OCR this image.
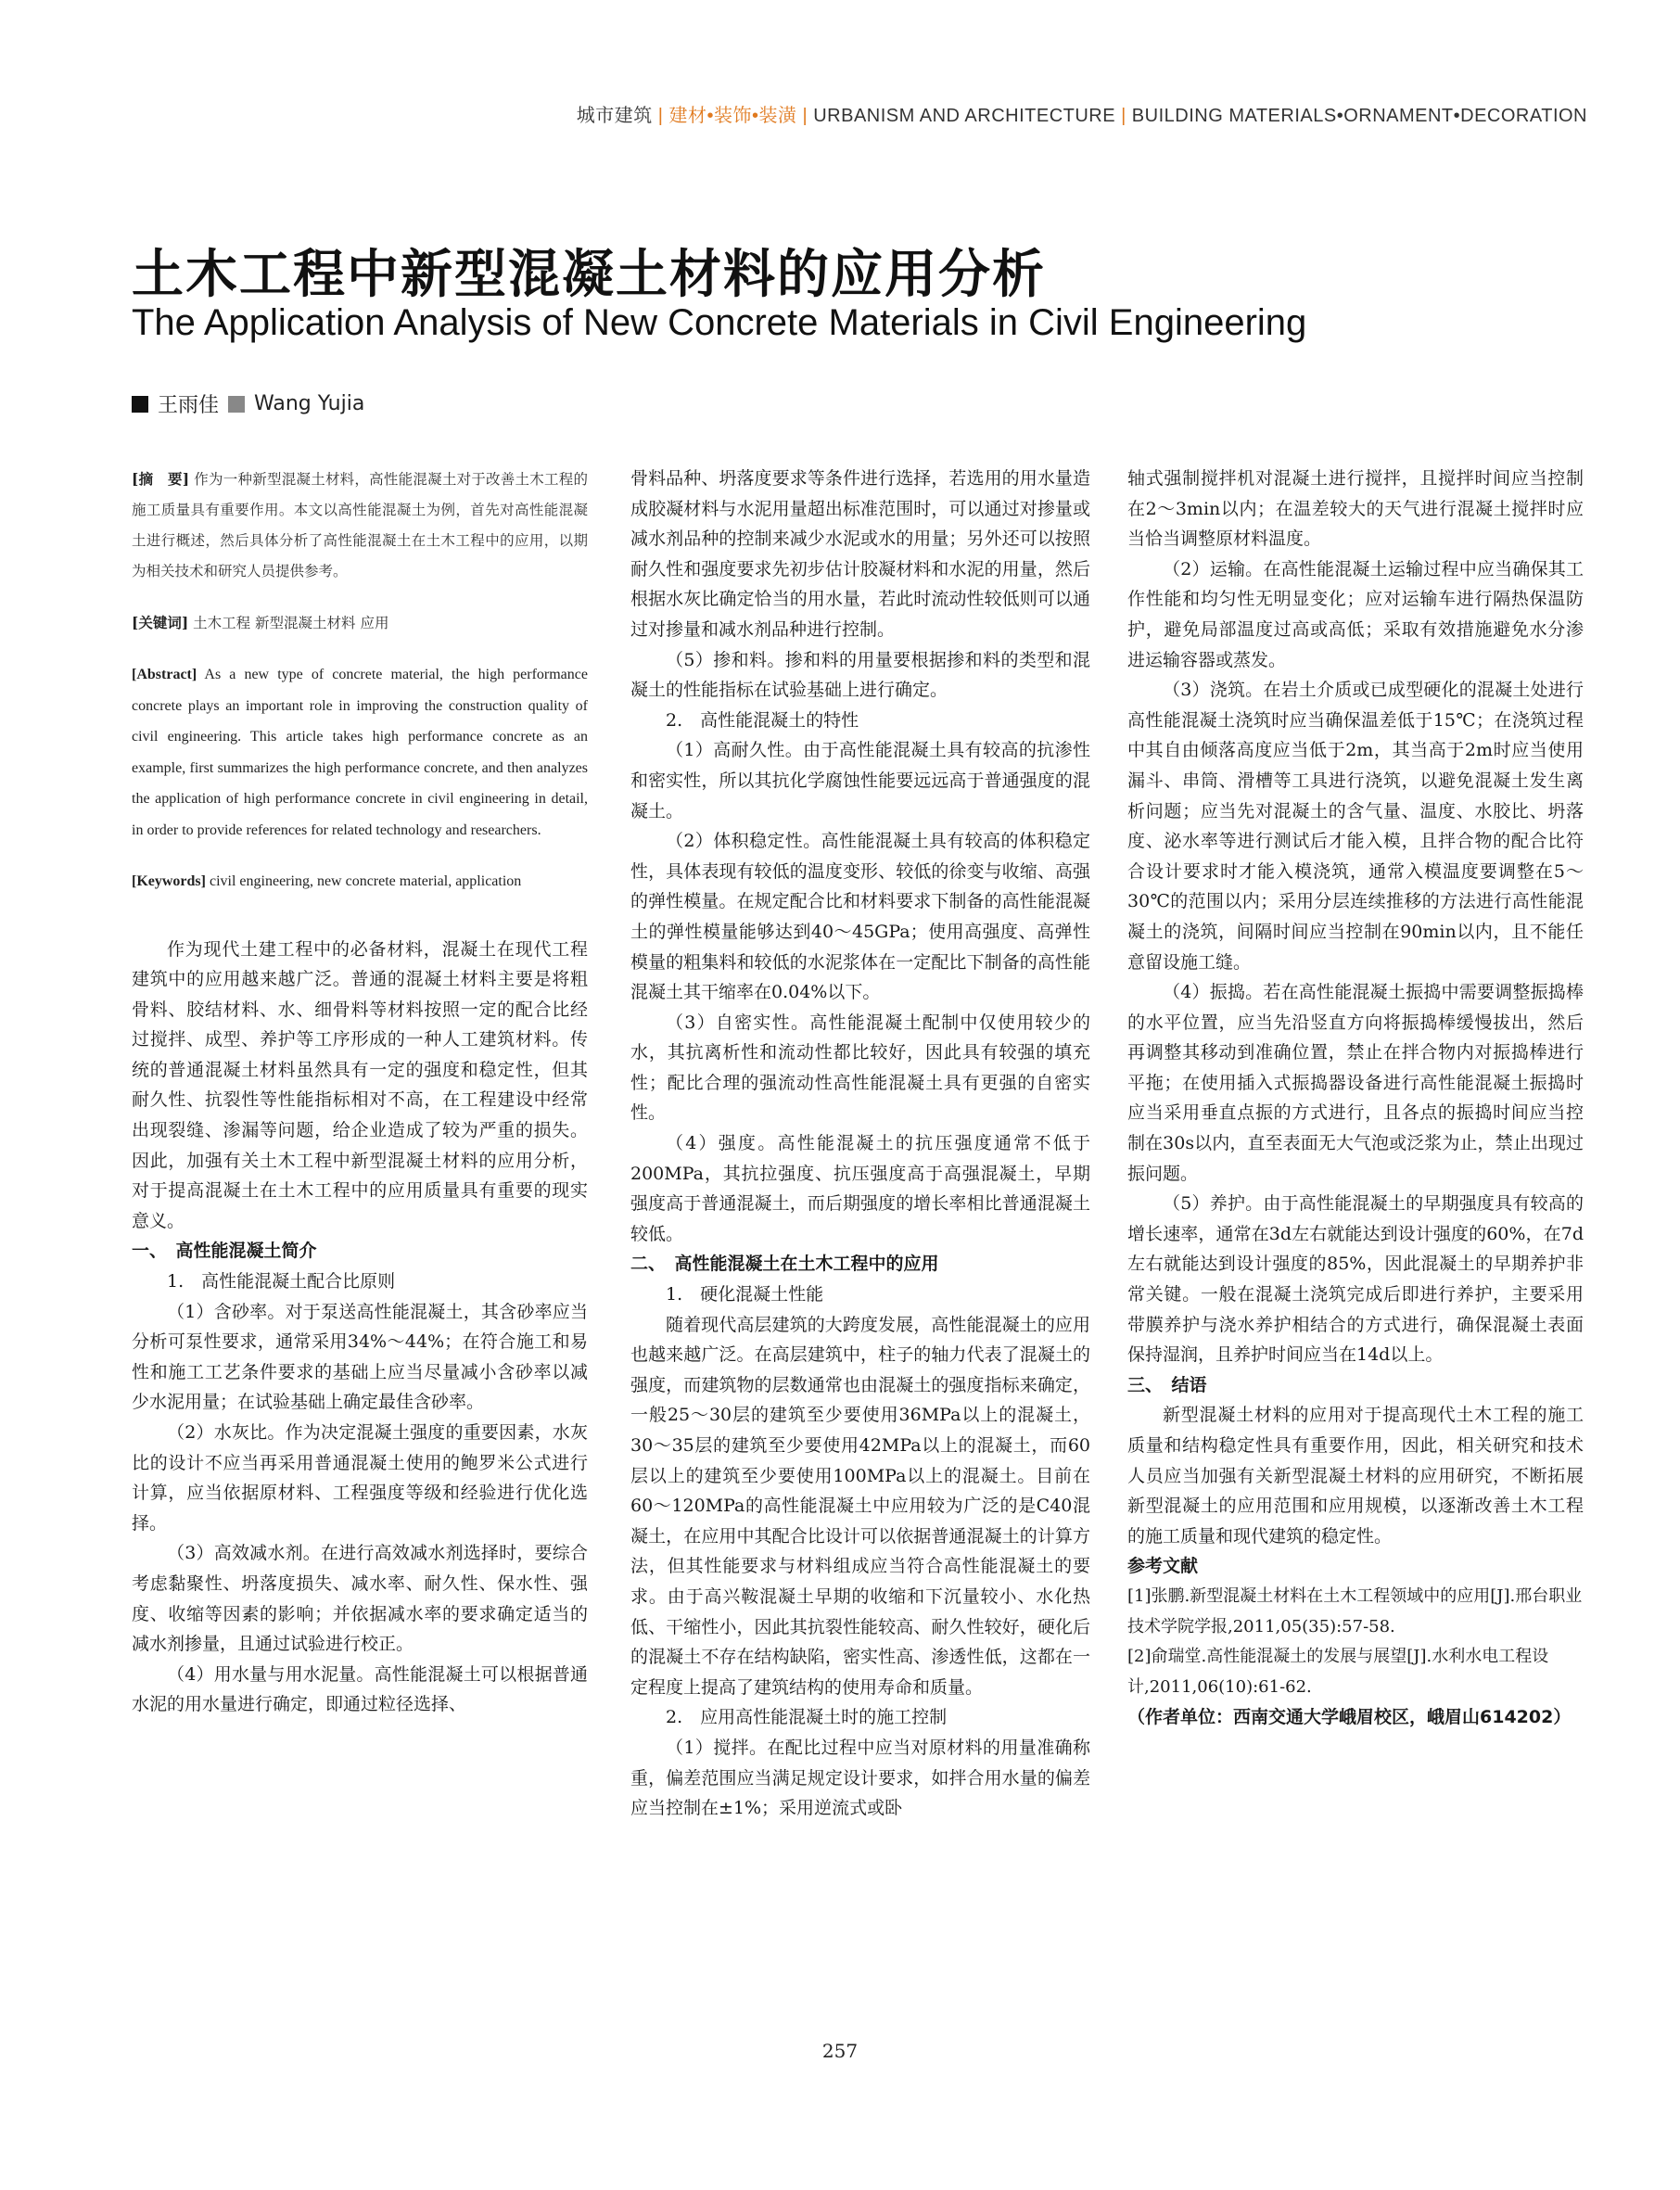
城市建筑 | 建材•装饰•装潢 | URBANISM AND ARCHITECTURE | BUILDING MATERIALS•ORNAMENT•DECORATION
土木工程中新型混凝土材料的应用分析
The Application Analysis of New Concrete Materials in Civil Engineering
王雨佳 Wang Yujia

[摘　要] 作为一种新型混凝土材料，高性能混凝土对于改善土木工程的施工质量具有重要作用。本文以高性能混凝土为例，首先对高性能混凝土进行概述，然后具体分析了高性能混凝土在土木工程中的应用，以期为相关技术和研究人员提供参考。

[关键词] 土木工程 新型混凝土材料 应用

[Abstract] As a new type of concrete material, the high performance concrete plays an important role in improving the construction quality of civil engineering. This article takes high performance concrete as an example, first summarizes the high performance concrete, and then analyzes the application of high performance concrete in civil engineering in detail, in order to provide references for related technology and researchers.

[Keywords] civil engineering, new concrete material, application

作为现代土建工程中的必备材料，混凝土在现代工程建筑中的应用越来越广泛。普通的混凝土材料主要是将粗骨料、胶结材料、水、细骨料等材料按照一定的配合比经过搅拌、成型、养护等工序形成的一种人工建筑材料。传统的普通混凝土材料虽然具有一定的强度和稳定性，但其耐久性、抗裂性等性能指标相对不高，在工程建设中经常出现裂缝、渗漏等问题，给企业造成了较为严重的损失。因此，加强有关土木工程中新型混凝土材料的应用分析，对于提高混凝土在土木工程中的应用质量具有重要的现实意义。

一、　高性能混凝土简介

1.　高性能混凝土配合比原则

（1）含砂率。对于泵送高性能混凝土，其含砂率应当分析可泵性要求，通常采用34%～44%；在符合施工和易性和施工工艺条件要求的基础上应当尽量减小含砂率以减少水泥用量；在试验基础上确定最佳含砂率。

（2）水灰比。作为决定混凝土强度的重要因素，水灰比的设计不应当再采用普通混凝土使用的鲍罗米公式进行计算，应当依据原材料、工程强度等级和经验进行优化选择。

（3）高效减水剂。在进行高效减水剂选择时，要综合考虑黏聚性、坍落度损失、减水率、耐久性、保水性、强度、收缩等因素的影响；并依据减水率的要求确定适当的减水剂掺量，且通过试验进行校正。

（4）用水量与用水泥量。高性能混凝土可以根据普通水泥的用水量进行确定，即通过粒径选择、

骨料品种、坍落度要求等条件进行选择，若选用的用水量造成胶凝材料与水泥用量超出标准范围时，可以通过对掺量或减水剂品种的控制来减少水泥或水的用量；另外还可以按照耐久性和强度要求先初步估计胶凝材料和水泥的用量，然后根据水灰比确定恰当的用水量，若此时流动性较低则可以通过对掺量和减水剂品种进行控制。

（5）掺和料。掺和料的用量要根据掺和料的类型和混凝土的性能指标在试验基础上进行确定。

2.　高性能混凝土的特性

（1）高耐久性。由于高性能混凝土具有较高的抗渗性和密实性，所以其抗化学腐蚀性能要远远高于普通强度的混凝土。

（2）体积稳定性。高性能混凝土具有较高的体积稳定性，具体表现有较低的温度变形、较低的徐变与收缩、高强的弹性模量。在规定配合比和材料要求下制备的高性能混凝土的弹性模量能够达到40～45GPa；使用高强度、高弹性模量的粗集料和较低的水泥浆体在一定配比下制备的高性能混凝土其干缩率在0.04%以下。

（3）自密实性。高性能混凝土配制中仅使用较少的水，其抗离析性和流动性都比较好，因此具有较强的填充性；配比合理的强流动性高性能混凝土具有更强的自密实性。

（4）强度。高性能混凝土的抗压强度通常不低于200MPa，其抗拉强度、抗压强度高于高强混凝土，早期强度高于普通混凝土，而后期强度的增长率相比普通混凝土较低。

二、　高性能混凝土在土木工程中的应用

1.　硬化混凝土性能

随着现代高层建筑的大跨度发展，高性能混凝土的应用也越来越广泛。在高层建筑中，柱子的轴力代表了混凝土的强度，而建筑物的层数通常也由混凝土的强度指标来确定，一般25～30层的建筑至少要使用36MPa以上的混凝土，30～35层的建筑至少要使用42MPa以上的混凝土，而60层以上的建筑至少要使用100MPa以上的混凝土。目前在60～120MPa的高性能混凝土中应用较为广泛的是C40混凝土，在应用中其配合比设计可以依据普通混凝土的计算方法，但其性能要求与材料组成应当符合高性能混凝土的要求。由于高兴鞍混凝土早期的收缩和下沉量较小、水化热低、干缩性小，因此其抗裂性能较高、耐久性较好，硬化后的混凝土不存在结构缺陷，密实性高、渗透性低，这都在一定程度上提高了建筑结构的使用寿命和质量。

2.　应用高性能混凝土时的施工控制

（1）搅拌。在配比过程中应当对原材料的用量准确称重，偏差范围应当满足规定设计要求，如拌合用水量的偏差应当控制在±1%；采用逆流式或卧

轴式强制搅拌机对混凝土进行搅拌，且搅拌时间应当控制在2～3min以内；在温差较大的天气进行混凝土搅拌时应当恰当调整原材料温度。

（2）运输。在高性能混凝土运输过程中应当确保其工作性能和均匀性无明显变化；应对运输车进行隔热保温防护，避免局部温度过高或高低；采取有效措施避免水分渗进运输容器或蒸发。

（3）浇筑。在岩土介质或已成型硬化的混凝土处进行高性能混凝土浇筑时应当确保温差低于15℃；在浇筑过程中其自由倾落高度应当低于2m，其当高于2m时应当使用漏斗、串筒、滑槽等工具进行浇筑，以避免混凝土发生离析问题；应当先对混凝土的含气量、温度、水胶比、坍落度、泌水率等进行测试后才能入模，且拌合物的配合比符合设计要求时才能入模浇筑，通常入模温度要调整在5～30℃的范围以内；采用分层连续推移的方法进行高性能混凝土的浇筑，间隔时间应当控制在90min以内，且不能任意留设施工缝。

（4）振捣。若在高性能混凝土振捣中需要调整振捣棒的水平位置，应当先沿竖直方向将振捣棒缓慢拔出，然后再调整其移动到准确位置，禁止在拌合物内对振捣棒进行平拖；在使用插入式振捣器设备进行高性能混凝土振捣时应当采用垂直点振的方式进行，且各点的振捣时间应当控制在30s以内，直至表面无大气泡或泛浆为止，禁止出现过振问题。

（5）养护。由于高性能混凝土的早期强度具有较高的增长速率，通常在3d左右就能达到设计强度的60%，在7d左右就能达到设计强度的85%，因此混凝土的早期养护非常关键。一般在混凝土浇筑完成后即进行养护，主要采用带膜养护与浇水养护相结合的方式进行，确保混凝土表面保持湿润，且养护时间应当在14d以上。

三、　结语

新型混凝土材料的应用对于提高现代土木工程的施工质量和结构稳定性具有重要作用，因此，相关研究和技术人员应当加强有关新型混凝土材料的应用研究，不断拓展新型混凝土的应用范围和应用规模，以逐渐改善土木工程的施工质量和现代建筑的稳定性。

参考文献

[1]张鹏.新型混凝土材料在土木工程领域中的应用[J].邢台职业技术学院学报,2011,05(35):57-58.

[2]俞瑞堂.高性能混凝土的发展与展望[J].水利水电工程设计,2011,06(10):61-62.

（作者单位：西南交通大学峨眉校区，峨眉山614202）

257
